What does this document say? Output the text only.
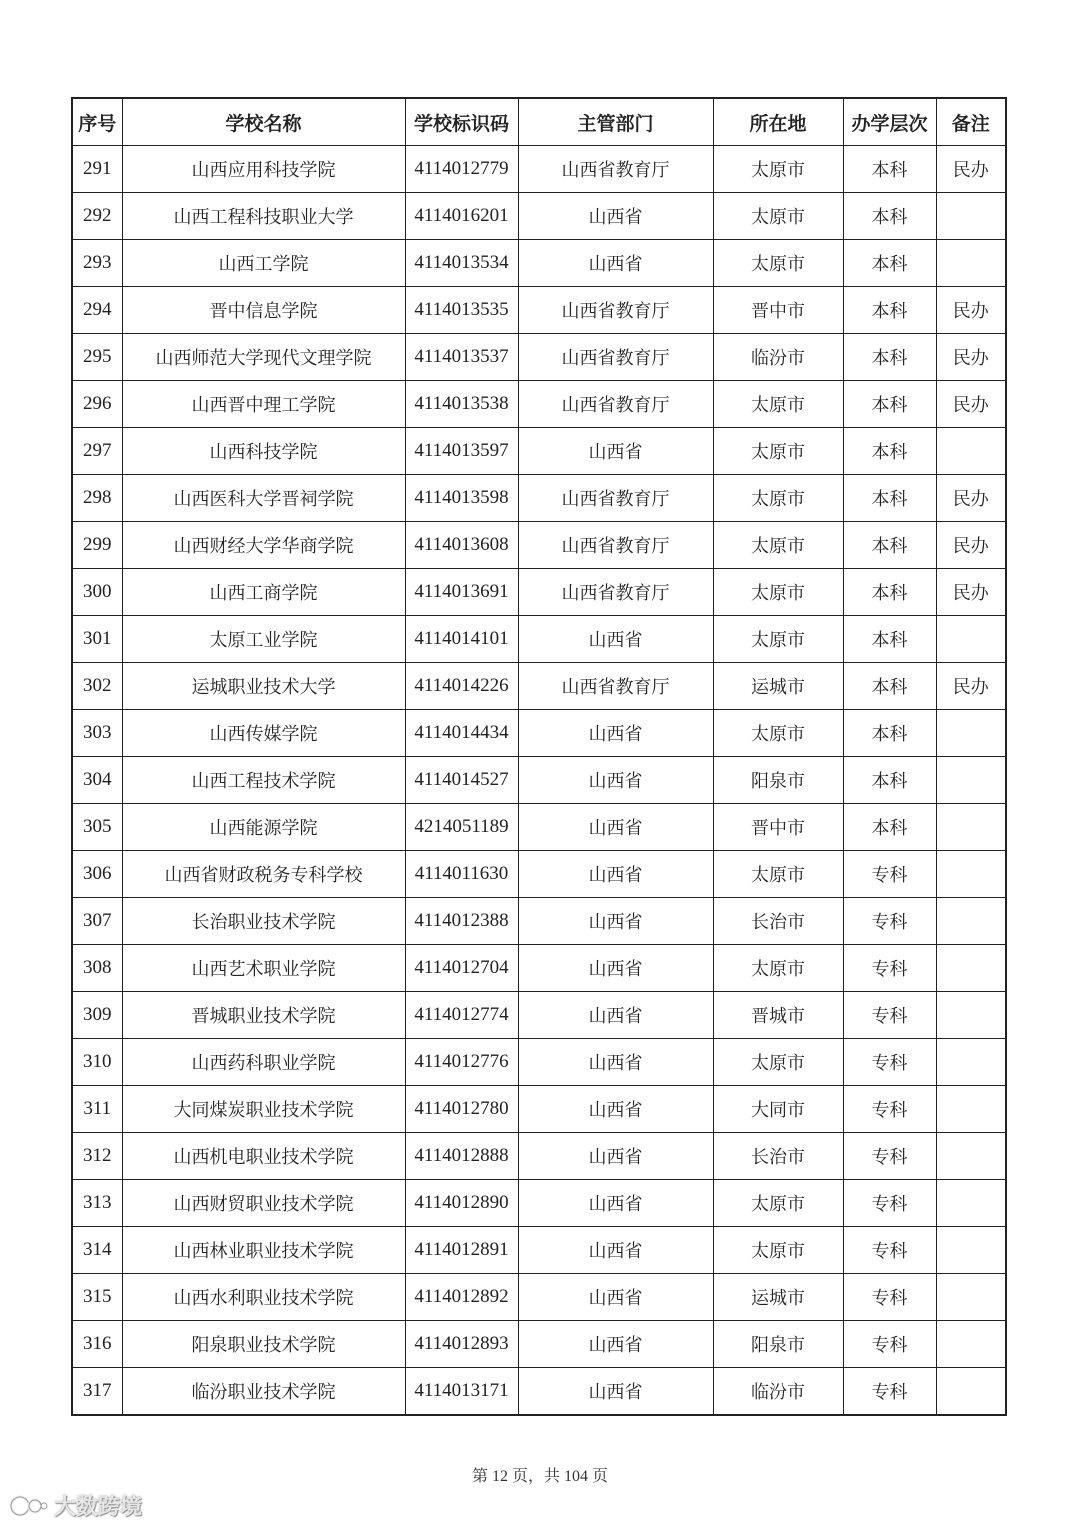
序号	学校名称	学校标识码	主管部门	所在地	办学层次	备注
291	山西应用科技学院	4114012779	山西省教育厅	太原市	本科	民办
292	山西工程科技职业大学	4114016201	山西省	太原市	本科	
293	山西工学院	4114013534	山西省	太原市	本科	
294	晋中信息学院	4114013535	山西省教育厅	晋中市	本科	民办
295	山西师范大学现代文理学院	4114013537	山西省教育厅	临汾市	本科	民办
296	山西晋中理工学院	4114013538	山西省教育厅	太原市	本科	民办
297	山西科技学院	4114013597	山西省	太原市	本科	
298	山西医科大学晋祠学院	4114013598	山西省教育厅	太原市	本科	民办
299	山西财经大学华商学院	4114013608	山西省教育厅	太原市	本科	民办
300	山西工商学院	4114013691	山西省教育厅	太原市	本科	民办
301	太原工业学院	4114014101	山西省	太原市	本科	
302	运城职业技术大学	4114014226	山西省教育厅	运城市	本科	民办
303	山西传媒学院	4114014434	山西省	太原市	本科	
304	山西工程技术学院	4114014527	山西省	阳泉市	本科	
305	山西能源学院	4214051189	山西省	晋中市	本科	
306	山西省财政税务专科学校	4114011630	山西省	太原市	专科	
307	长治职业技术学院	4114012388	山西省	长治市	专科	
308	山西艺术职业学院	4114012704	山西省	太原市	专科	
309	晋城职业技术学院	4114012774	山西省	晋城市	专科	
310	山西药科职业学院	4114012776	山西省	太原市	专科	
311	大同煤炭职业技术学院	4114012780	山西省	大同市	专科	
312	山西机电职业技术学院	4114012888	山西省	长治市	专科	
313	山西财贸职业技术学院	4114012890	山西省	太原市	专科	
314	山西林业职业技术学院	4114012891	山西省	太原市	专科	
315	山西水利职业技术学院	4114012892	山西省	运城市	专科	
316	阳泉职业技术学院	4114012893	山西省	阳泉市	专科	
317	临汾职业技术学院	4114013171	山西省	临汾市	专科	
第 12 页，共 104 页
大数跨境
